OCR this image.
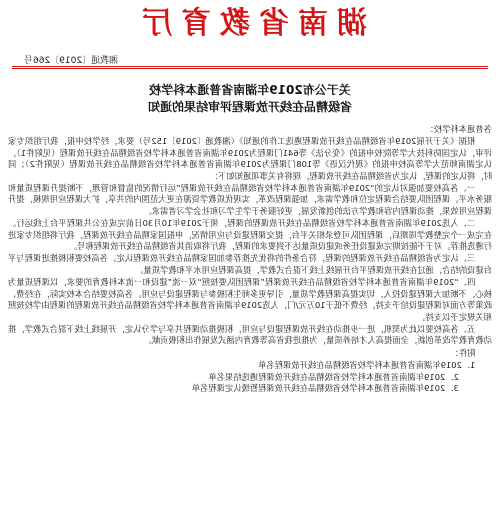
湖南省教育厅
湘教通〔2019〕266号
关于公布2019年湖南省普通本科学校
省级精品在线开放课程评审结果的通知

各普通本科学校：

根据《关于开展2019年省级精品在线开放课程遴选工作的通知》（湘教通〔2019〕152号）要求，经学校申报，我厅组织专家评审，认定国防科技大学等院校申报的《变分法》等641门课程为2019年湖南省普通本科学校省级精品在线开放课程（见附件1），认定湖南师范大学等高校申报的《现代汉语》等108门课程为2019年湖南省普通本科学校省级精品在线开放课程（见附件2）；同时，将认定的课程，认定为省级精品在线开放课程，现将有关事项通知如下：

一、各高校要加强对认定的“2019年湖南省普通本科学校省级精品在线开放课程”运行情况的监督和管理，不断提升课程质量和服务水平。课程团队要结合课程定位和教学需求，加强课程改革，实现优质教学资源在更大范围内的共享，扩大课程应用规模，提升课程应用效果，推动课程内容和教学方法的创新发展，更好服务于学生学习和社会学习者需求。

二、入选2019年湖南省普通本科学校省级精品在线开放课程的课程，须于2019年10月30日前完成在公共课程平台上线运行。在完成一个完整教学周期后，课程团队可登录相关平台，提交课程建设与应用情况，申报国家精品在线开放课程，我厅将组织专家进行遴选推荐。对于不能按期完成建设任务或建设质量达不到要求的课程，我厅将取消其省级精品在线开放课程称号。

三、认定为省级精品在线开放课程的课程，符合条件的将优先推荐参加国家精品在线开放课程认定。各高校要积极推进课程与平台建设的结合，通过在线开放课程平台开展线上线下混合式教学，提高课程应用水平和教学质量。

四、“2019年湖南省普通本科学校省级精品在线开放课程”课程团队要按照“双一流”建设和一流本科教育的要求，以课程质量为核心，不断加大课程建设投入，切实提高课程教学质量，引导更多师生积极参与课程建设与应用。各高校要结合本校实际，在经费、政策等方面对课程建设给予支持，经费不低于10万元/门，人选2019年湖南省普通本科学校省级精品在线开放课程的课程由学校按照相关规定予以支持。

五、各高校要以此为契机，进一步推动在线开放课程建设与应用，积极推动课程共享与学分认定，开展线上线下混合式教学，推动教育教学改革创新，全面提高人才培养质量，为推进我省高等教育内涵式发展作出积极贡献。

附件：

1．2019年湖南省普通本科学校省级精品在线开放课程名单

2．2019年湖南省普通本科学校省级精品在线开放课程遴选结果名单

3．2019年湖南省普通本科学校省级精品在线开放课程暂缓认定课程名单
